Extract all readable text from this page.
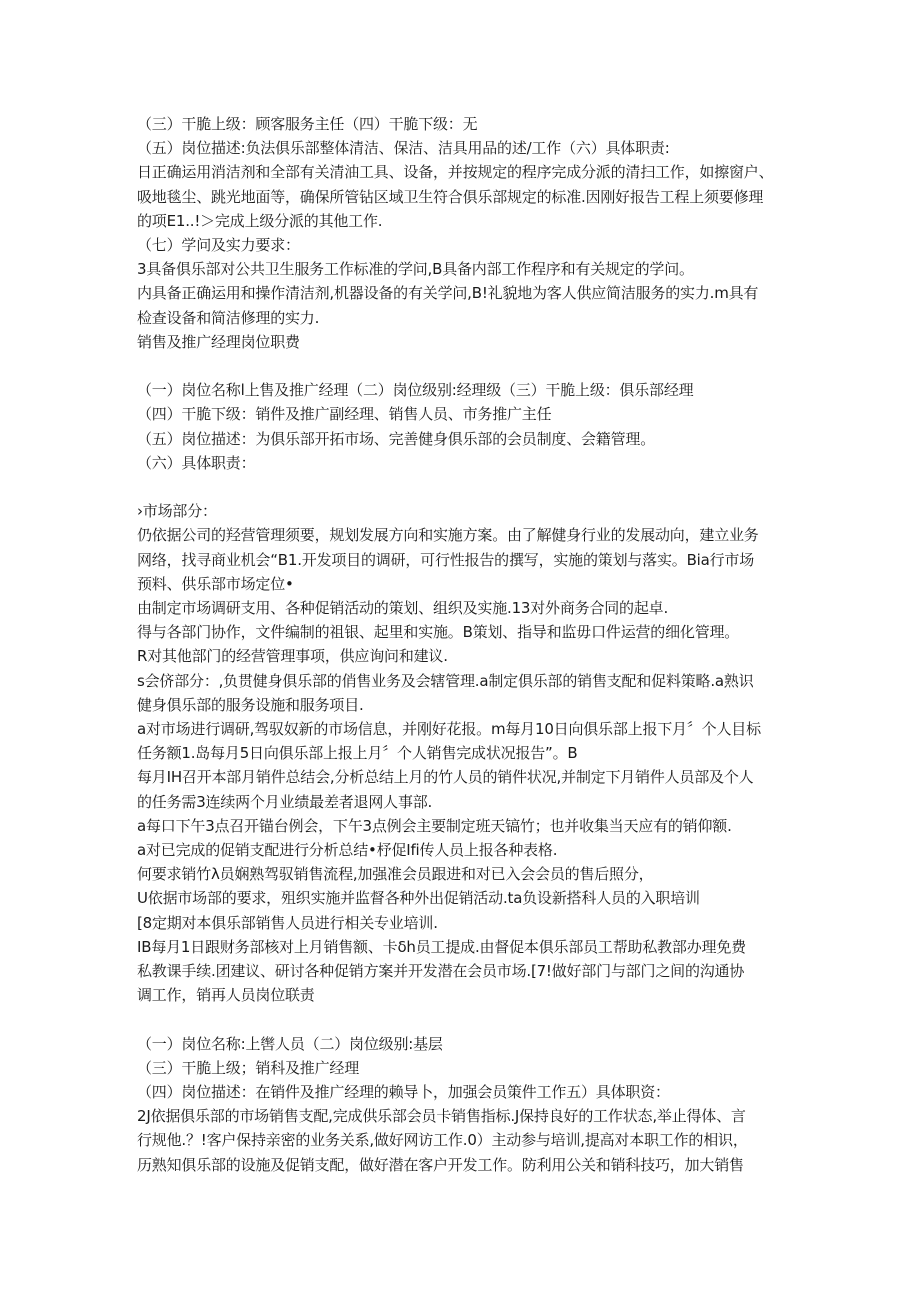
（三）干脆上级：顾客服务主任（四）干脆下级：无
（五）岗位描述:负法俱乐部整体清洁、保洁、洁具用品的述/工作（六）具体职责:
日正确运用消洁剂和全部有关清油工具、设备，并按规定的程序完成分派的清扫工作，如擦窗户、
吸地毯尘、跳光地面等，确保所管钻区域卫生符合俱乐部规定的标准.因刚好报告工程上须要修理
的项E1..!＞完成上级分派的其他工作.
（七）学问及实力要求：
3具备俱乐部对公共卫生服务工作标准的学问,B具备内部工作程序和有关规定的学问。
内具备正确运用和操作清洁剂,机器设备的有关学问,B!礼貌地为客人供应简洁服务的实力.m具有
检查设备和简洁修理的实力.
销售及推广经理岗位职费
（一）岗位名称l上售及推广经理（二）岗位级别:经理级（三）干脆上级：俱乐部经理
（四）干脆下级：销件及推广副经理、销售人员、市务推广主任
（五）岗位描述：为俱乐部开拓市场、完善健身俱乐部的会员制度、会籍管理。
（六）具体职责：
›市场部分：
仍依据公司的羟营管理须要，规划发展方向和实施方案。由了解健身行业的发展动向，建立业务
网络，找寻商业机会“B1.开发项目的调研，可行性报告的撰写，实施的策划与落实。Bia行市场
预料、供乐部市场定位•
由制定市场调研支用、各种促销活动的策划、组织及实施.13对外商务合同的起卓.
得与各部门协作，文件编制的祖银、起里和实施。B策划、指导和监毋口件运营的细化管理。
R对其他部门的经营管理事项，供应询问和建议.
s会侪部分：,负贯健身俱乐部的俏售业务及会辖管理.a制定俱乐部的销售支配和促料策略.a熟识
健身俱乐部的服务设施和服务项目.
a对市场进行调研,驾驭奴新的市场信息，并刚好花报。m每月10日向俱乐部上报下月〞个人目标
任务额1.岛每月5日向俱乐部上报上月〞个人销售完成状况报告”。B
每月IH召开本部月销件总结会,分析总结上月的竹人员的销件状况,并制定下月销件人员部及个人
的任务需3连续两个月业绩最差者退网人事部.
a每口下午3点召开锚台例会，下午3点例会主要制定班天镐竹；也并收集当天应有的销仰额.
a对已完成的促销支配进行分析总结•杼促Ifi传人员上报各种表格.
何要求销竹λ员娴熟驾驭销售流程,加强准会员跟进和对已入会会员的售后照分，
U依据市场部的要求，殂织实施并监督各种外出促销活动.ta负设新搭科人员的入职培训
[8定期对本俱乐部销售人员进行相关专业培训.
IB每月1日跟财务部核对上月销售额、卡δh员工提成.由督促本俱乐部员工帮助私教部办理免费
私教课手续.团建议、研讨各种促销方案并开发潜在会员市场.[7!做好部门与部门之间的沟通协
调工作，销再人员岗位联责
（一）岗位名称:上辔人员（二）岗位级别:基层
（三）干脆上级；销科及推广经理
（四）岗位描述：在销件及推广经理的赖导卜，加强会员策件工作五）具体职资：
2J依据俱乐部的市场销售支配,完成供乐部会员卡销售指标.J保持良好的工作状态,举止得体、言
行规他.？!客户保持亲密的业务关系,做好网访工作.0）主动参与培训,提高对本职工作的相识，
历熟知俱乐部的设施及促销支配，做好潜在客户开发工作。防利用公关和销科技巧，加大销售
